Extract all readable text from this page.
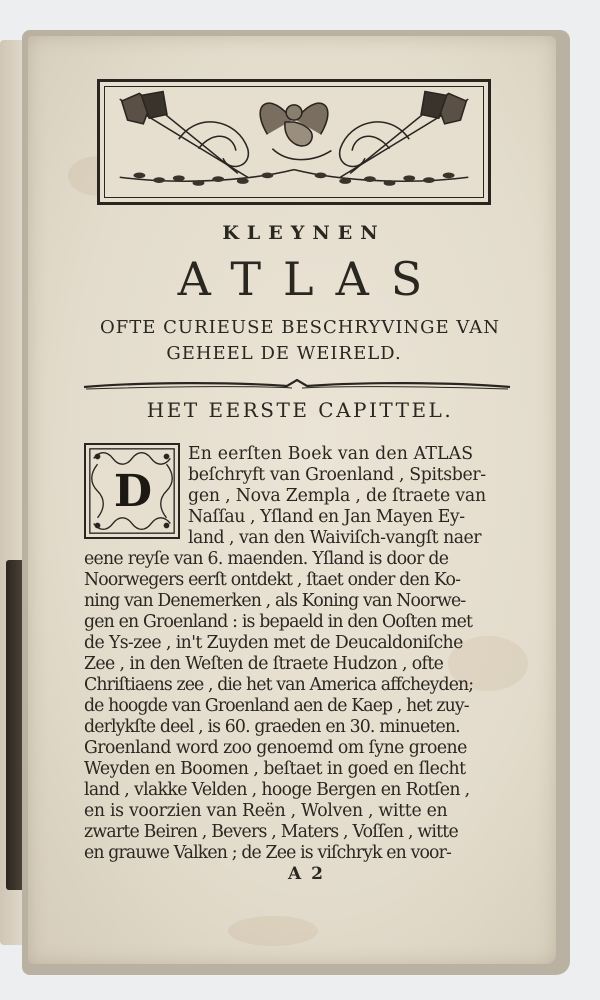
KLEYNEN
ATLAS
OFTE CURIEUSE BESCHRYVINGE VAN
GEHEEL DE WEIRELD.
HET EERSTE CAPITTEL.
D
En eerſten Boek van den ATLAS
beſchryft van Groenland , Spitsber-
gen , Nova Zempla , de ſtraete van
Naſſau , Yſland en Jan Mayen Ey-
land , van den Waiviſch-vangſt naer
eene reyſe van 6. maenden. Yſland is door de
Noorwegers eerſt ontdekt , ſtaet onder den Ko-
ning van Denemerken , als Koning van Noorwe-
gen en Groenland : is bepaeld in den Ooſten met
de Ys-zee , in't Zuyden met de Deucaldoniſche
Zee , in den Weſten de ſtraete Hudzon , ofte
Chriſtiaens zee , die het van America affcheyden;
de hoogde van Groenland aen de Kaep , het zuy-
derlykſte deel , is 60. graeden en 30. minueten.
Groenland word zoo genoemd om ſyne groene
Weyden en Boomen , beſtaet in goed en ſlecht
land , vlakke Velden , hooge Bergen en Rotſen ,
en is voorzien van Reën , Wolven , witte en
zwarte Beiren , Bevers , Maters , Voſſen , witte
en grauwe Valken ; de Zee is viſchryk en voor-
A 2
